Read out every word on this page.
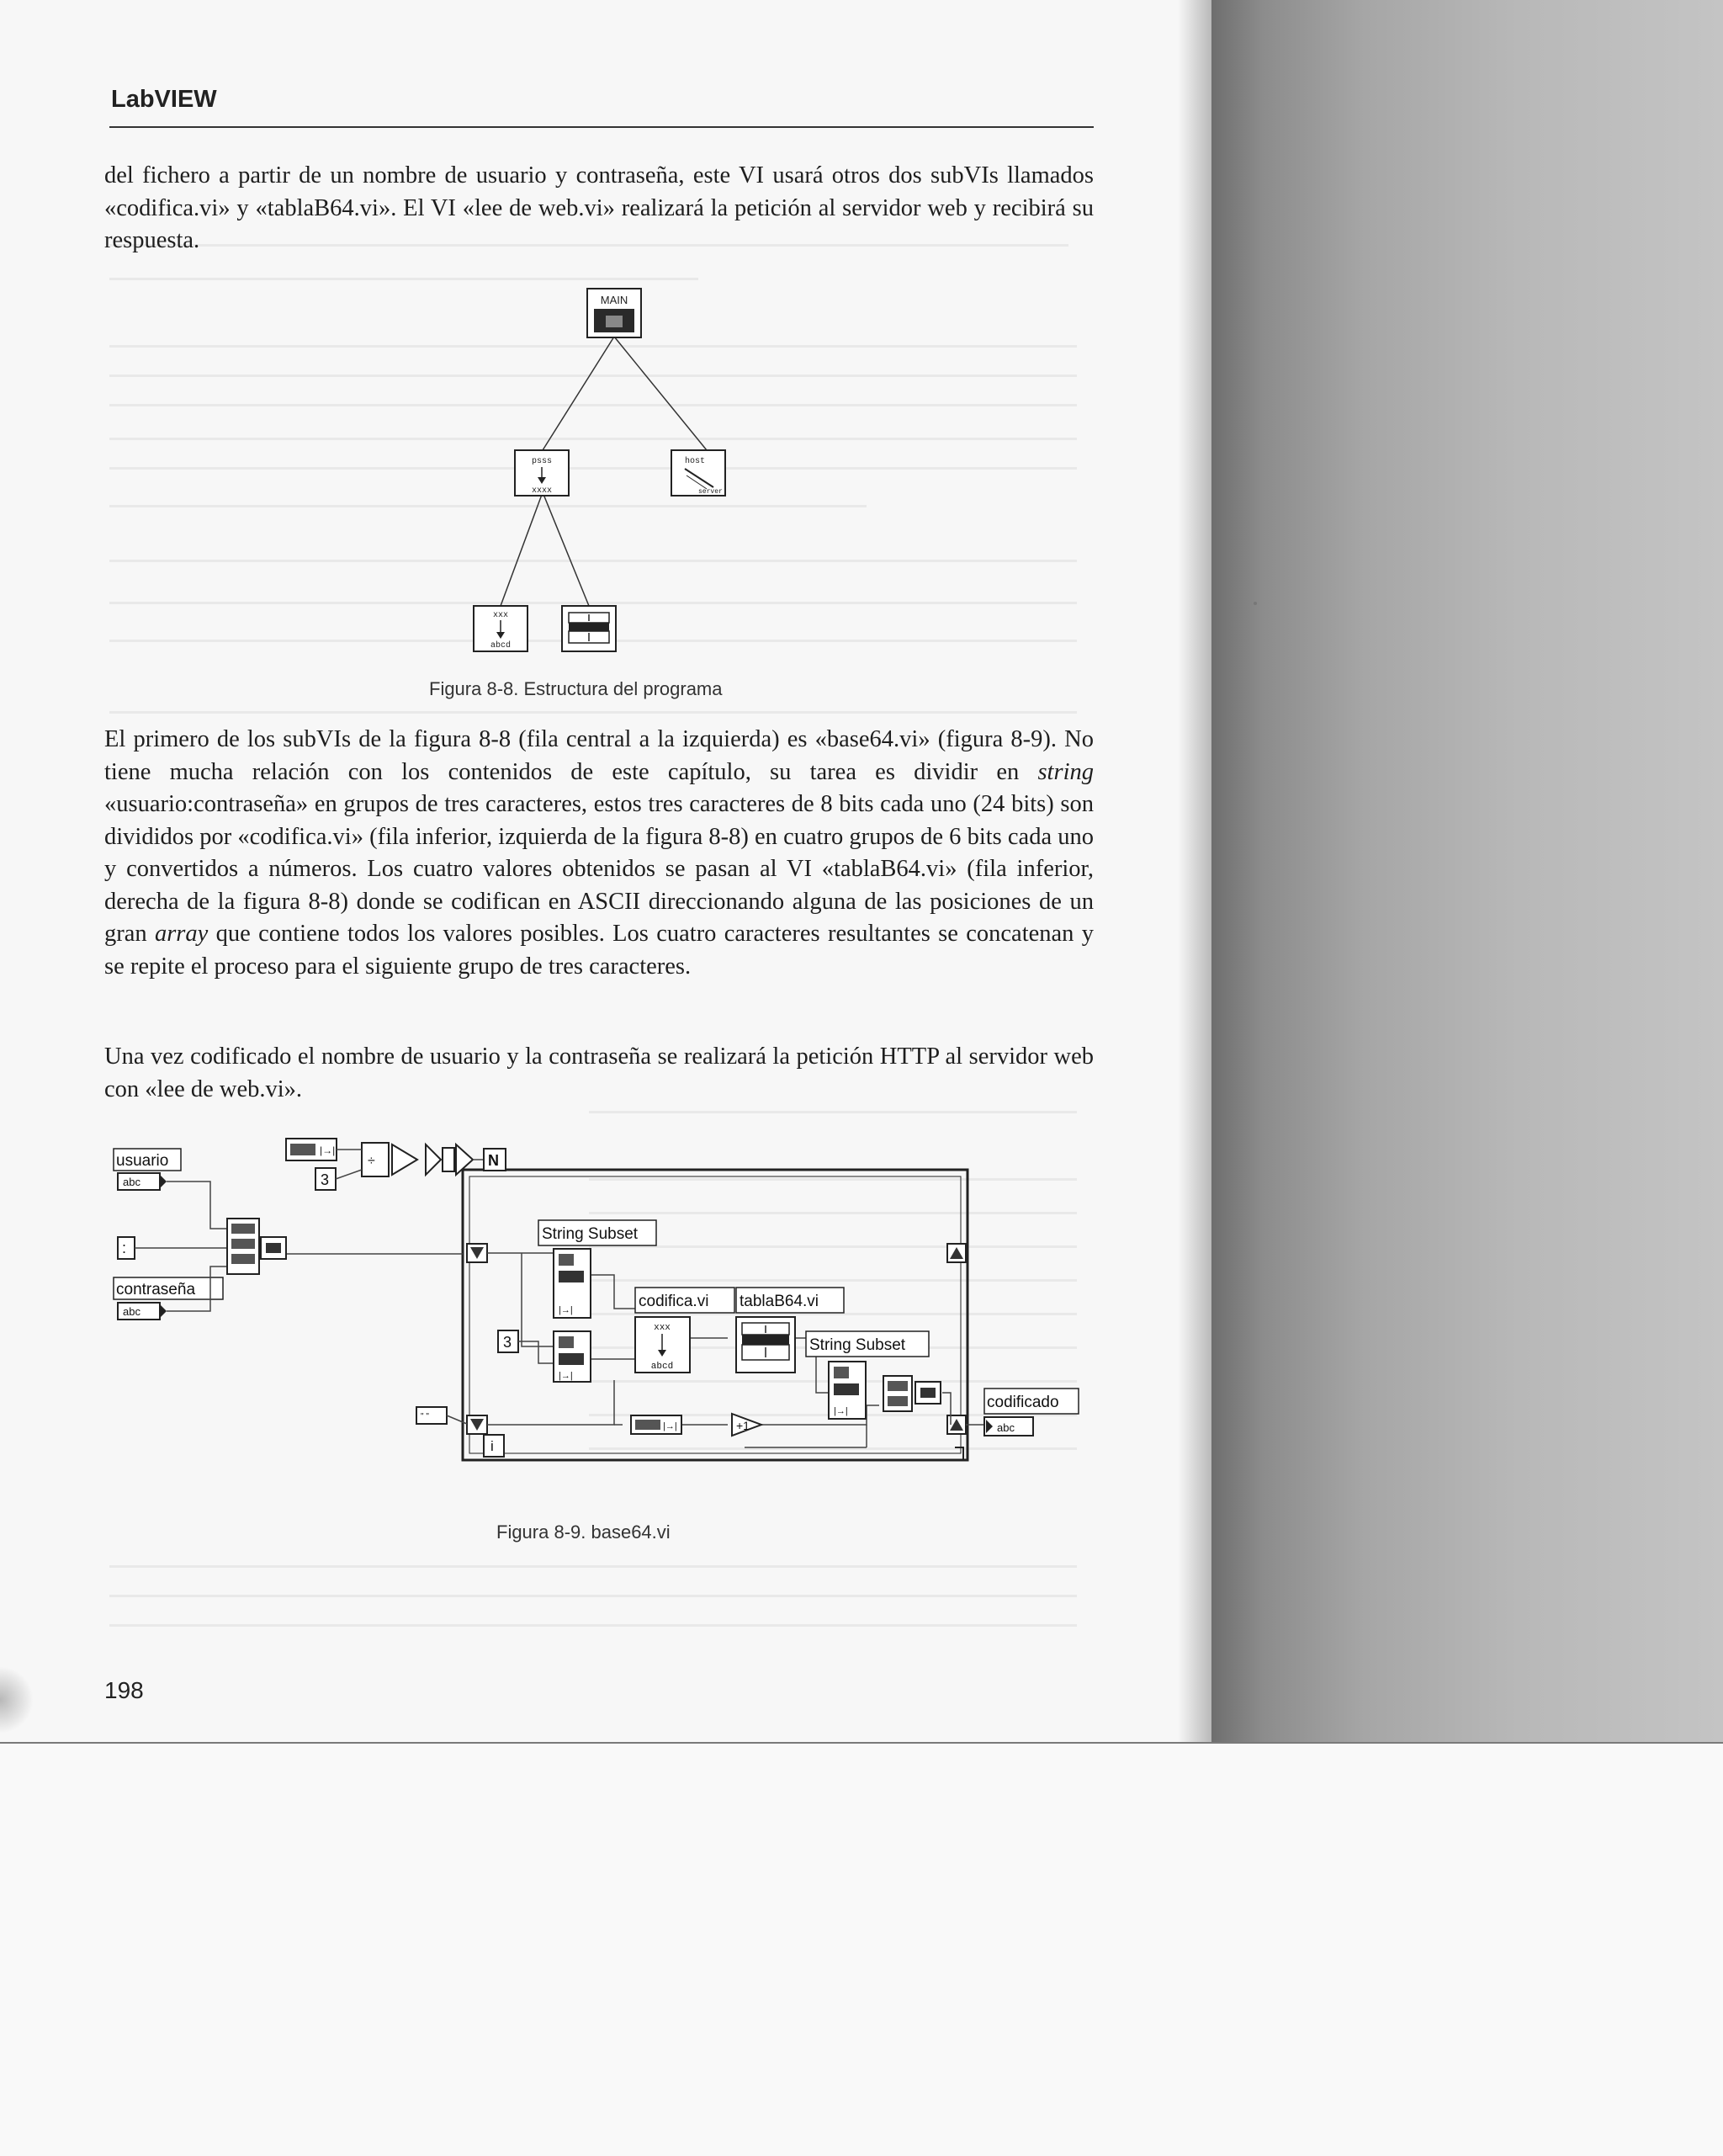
LabVIEW

del fichero a partir de un nombre de usuario y contraseña, este VI usará otros dos subVIs llamados «codifica.vi» y «tablaB64.vi». El VI «lee de web.vi» realizará la petición al servidor web y recibirá su respuesta.

MAIN
psss
xxxx
host
server
xxx
abcd

Figura 8-8. Estructura del programa

El primero de los subVIs de la figura 8-8 (fila central a la izquierda) es «base64.vi» (figura 8-9). No tiene mucha relación con los contenidos de este capítulo, su tarea es dividir en string «usuario:contraseña» en grupos de tres caracteres, estos tres caracteres de 8 bits cada uno (24 bits) son divididos por «codifica.vi» (fila inferior, izquierda de la figura 8-8) en cuatro grupos de 6 bits cada uno y convertidos a números. Los cuatro valores obtenidos se pasan al VI «tablaB64.vi» (fila inferior, derecha de la figura 8-8) donde se codifican en ASCII direccionando alguna de las posiciones de un gran array que contiene todos los valores posibles. Los cuatro caracteres resultantes se concatenan y se repite el proceso para el siguiente grupo de tres caracteres.

Una vez codificado el nombre de usuario y la contraseña se realizará la petición HTTP al servidor web con «lee de web.vi».

usuario
abc
:
contraseña
abc
|→|
3
÷	N
" "
3
i
String Subset
|→|
|→|
codifica.vi
xxx
abcd
tablaB64.vi
String Subset
|→|
|→|	+1
codificado
abc

Figura 8-9. base64.vi

198
